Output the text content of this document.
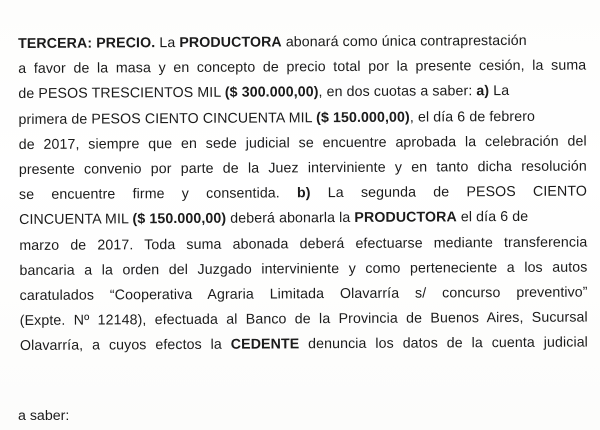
TERCERA: PRECIO. La PRODUCTORA abonará como única contraprestación
a favor de la masa y en concepto de precio total por la presente cesión, la suma
de PESOS TRESCIENTOS MIL ($ 300.000,00), en dos cuotas a saber: a) La
primera de PESOS CIENTO CINCUENTA MIL ($ 150.000,00), el día 6 de febrero
de 2017, siempre que en sede judicial se encuentre aprobada la celebración del
presente convenio por parte de la Juez interviniente y en tanto dicha resolución
se encuentre firme y consentida. b) La segunda de PESOS CIENTO
CINCUENTA MIL ($ 150.000,00) deberá abonarla la PRODUCTORA el día 6 de
marzo de 2017. Toda suma abonada deberá efectuarse mediante transferencia
bancaria a la orden del Juzgado interviniente y como perteneciente a los autos
caratulados “Cooperativa Agraria Limitada Olavarría s/ concurso preventivo”
(Expte. Nº 12148), efectuada al Banco de la Provincia de Buenos Aires, Sucursal
Olavarría, a cuyos efectos la CEDENTE denuncia los datos de la cuenta judicial
a saber:
